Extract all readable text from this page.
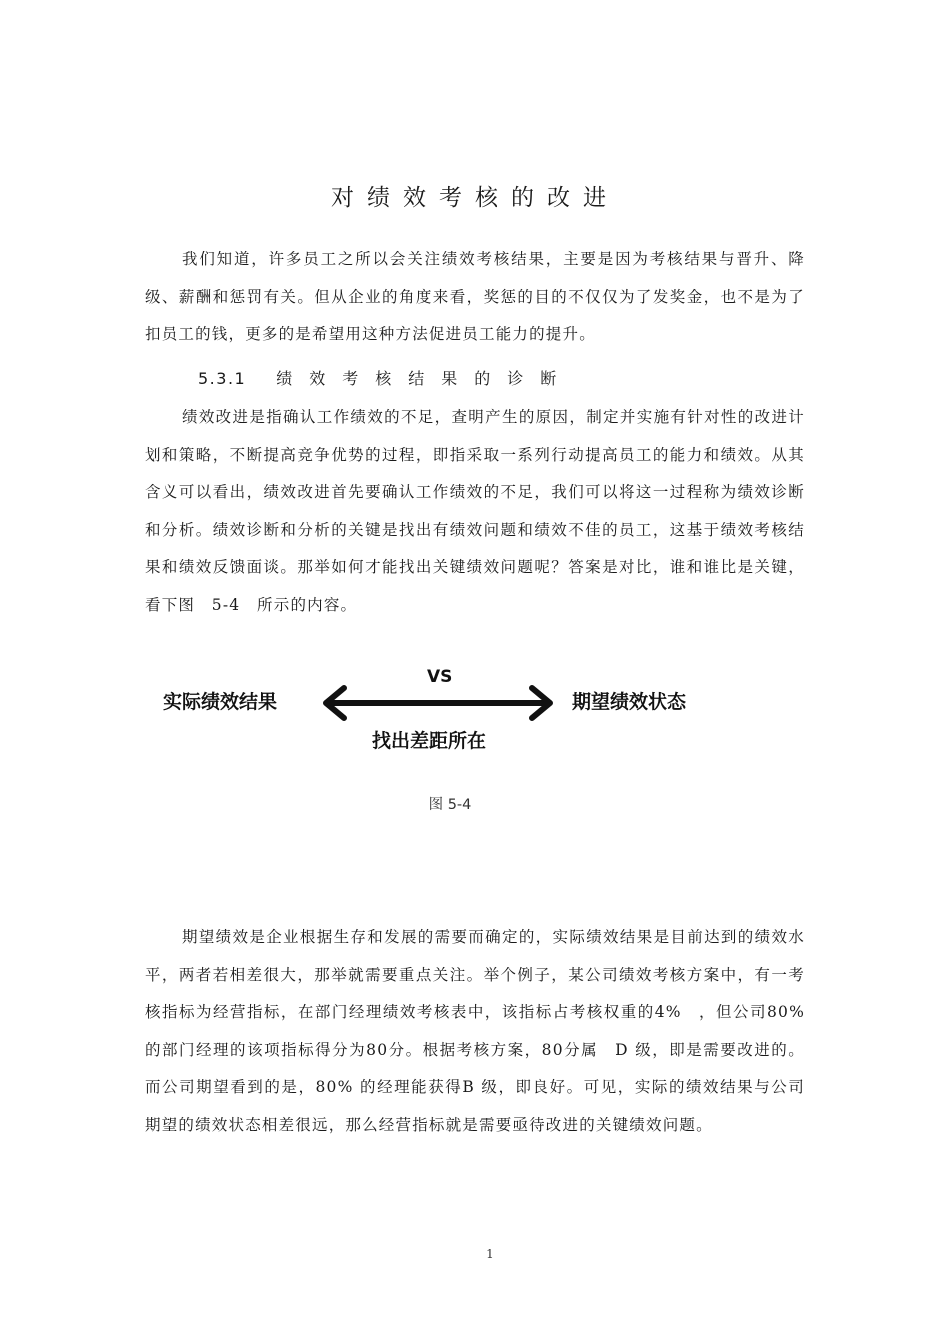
对绩效考核的改进

我们知道，许多员工之所以会关注绩效考核结果，主要是因为考核结果与晋升、降级、薪酬和惩罚有关。但从企业的角度来看，奖惩的目的不仅仅为了发奖金，也不是为了扣员工的钱，更多的是希望用这种方法促进员工能力的提升。

5.3.1 绩效考核结果的诊断

绩效改进是指确认工作绩效的不足，查明产生的原因，制定并实施有针对性的改进计划和策略，不断提高竞争优势的过程，即指采取一系列行动提高员工的能力和绩效。从其含义可以看出，绩效改进首先要确认工作绩效的不足，我们可以将这一过程称为绩效诊断和分析。绩效诊断和分析的关键是找出有绩效问题和绩效不佳的员工，这基于绩效考核结果和绩效反馈面谈。那举如何才能找出关键绩效问题呢？答案是对比，谁和谁比是关键，看下图　5-4　所示的内容。

实际绩效结果
VS
期望绩效状态
找出差距所在

图 5-4

期望绩效是企业根据生存和发展的需要而确定的，实际绩效结果是目前达到的绩效水平，两者若相差很大，那举就需要重点关注。举个例子，某公司绩效考核方案中，有一考核指标为经营指标，在部门经理绩效考核表中，该指标占考核权重的4%　，但公司80% 的部门经理的该项指标得分为80分。根据考核方案，80分属　D 级，即是需要改进的。而公司期望看到的是，80% 的经理能获得B 级，即良好。可见，实际的绩效结果与公司期望的绩效状态相差很远，那么经营指标就是需要亟待改进的关键绩效问题。

1
